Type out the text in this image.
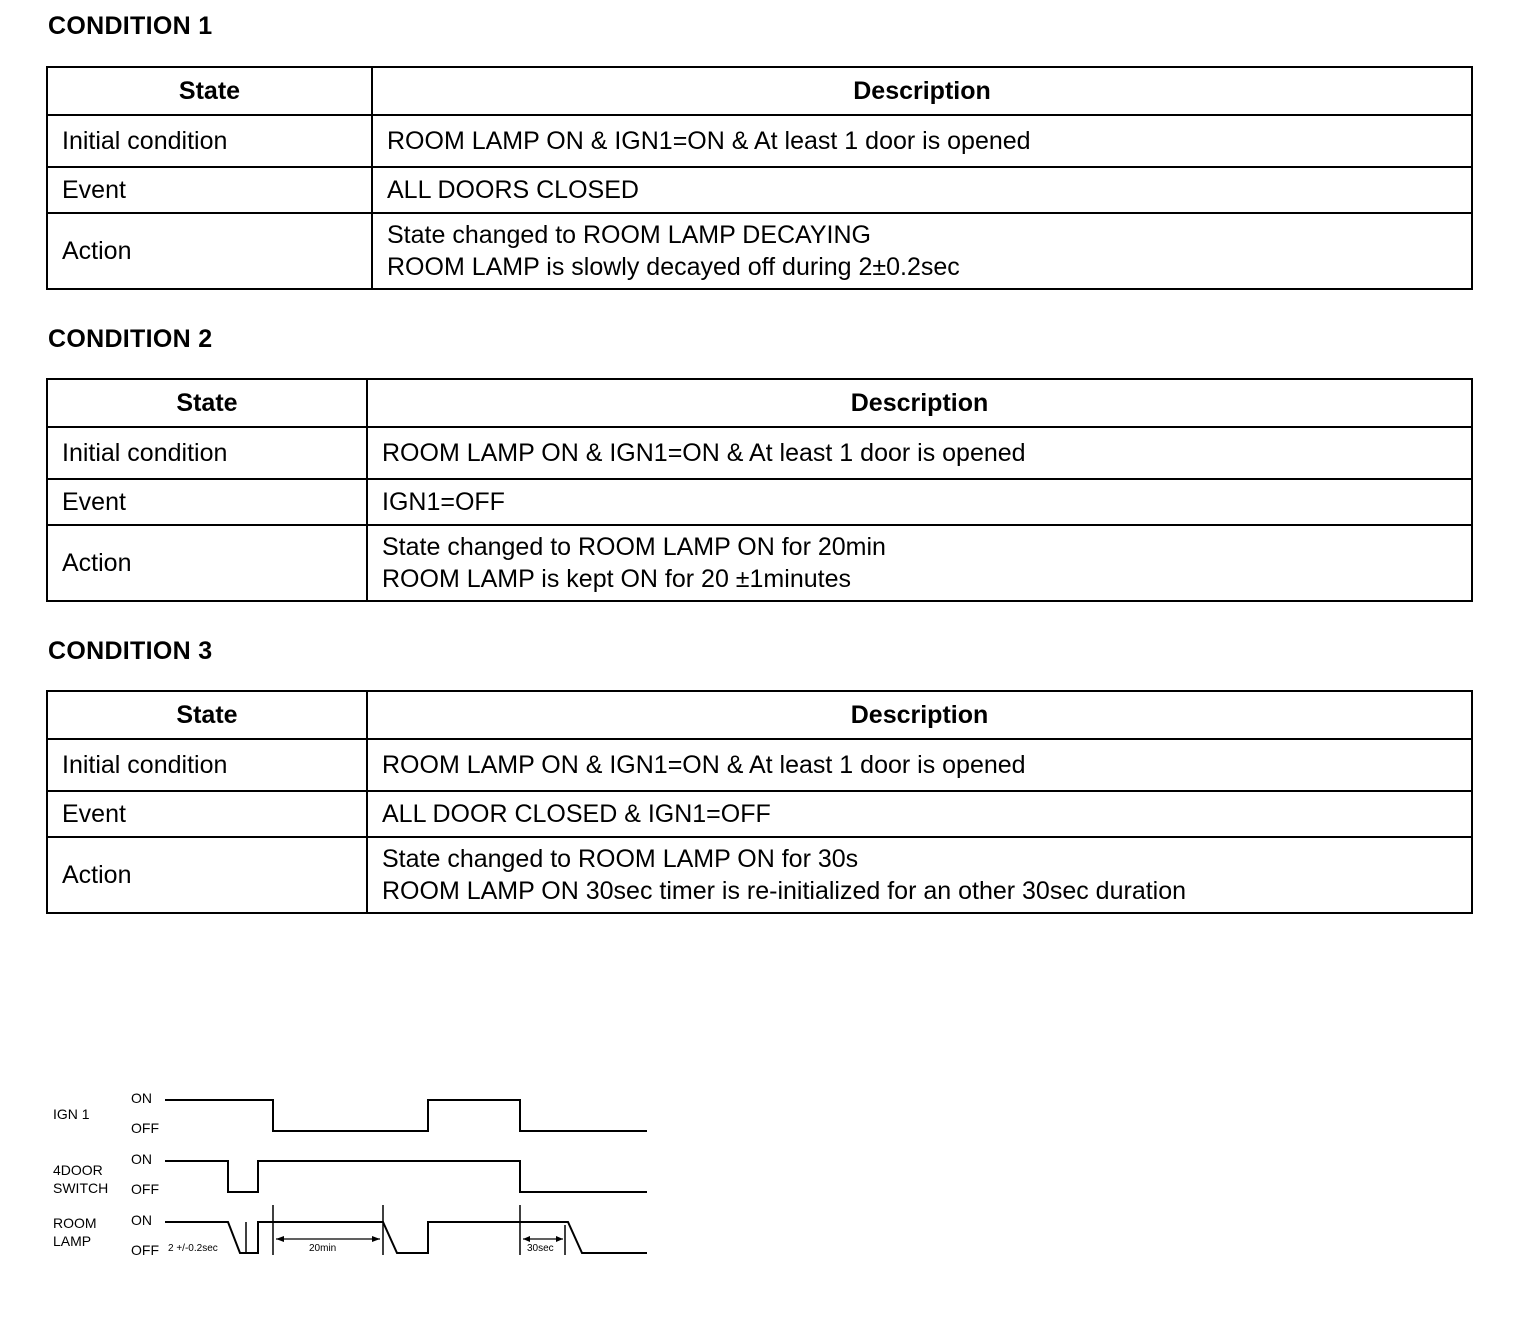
CONDITION 1
State	Description
Initial condition	ROOM LAMP ON & IGN1=ON & At least 1 door is opened

Event	ALL DOORS CLOSED

Action	State changed to ROOM LAMP DECAYING
ROOM LAMP is slowly decayed off during 2±0.2sec
CONDITION 2
State	Description
Initial condition	ROOM LAMP ON & IGN1=ON & At least 1 door is opened

Event	IGN1=OFF

Action	State changed to ROOM LAMP ON for 20min
ROOM LAMP is kept ON for 20 ±1minutes
CONDITION 3
State	Description
Initial condition	ROOM LAMP ON & IGN1=ON & At least 1 door is opened

Event	ALL DOOR CLOSED & IGN1=OFF

Action	State changed to ROOM LAMP ON for 30s
ROOM LAMP ON 30sec timer is re-initialized for an other 30sec duration
IGN 1
4DOOR
SWITCH
ROOM
LAMP
ON
OFF
ON
OFF
ON
OFF 2 +/-0.2sec	20min	30sec
